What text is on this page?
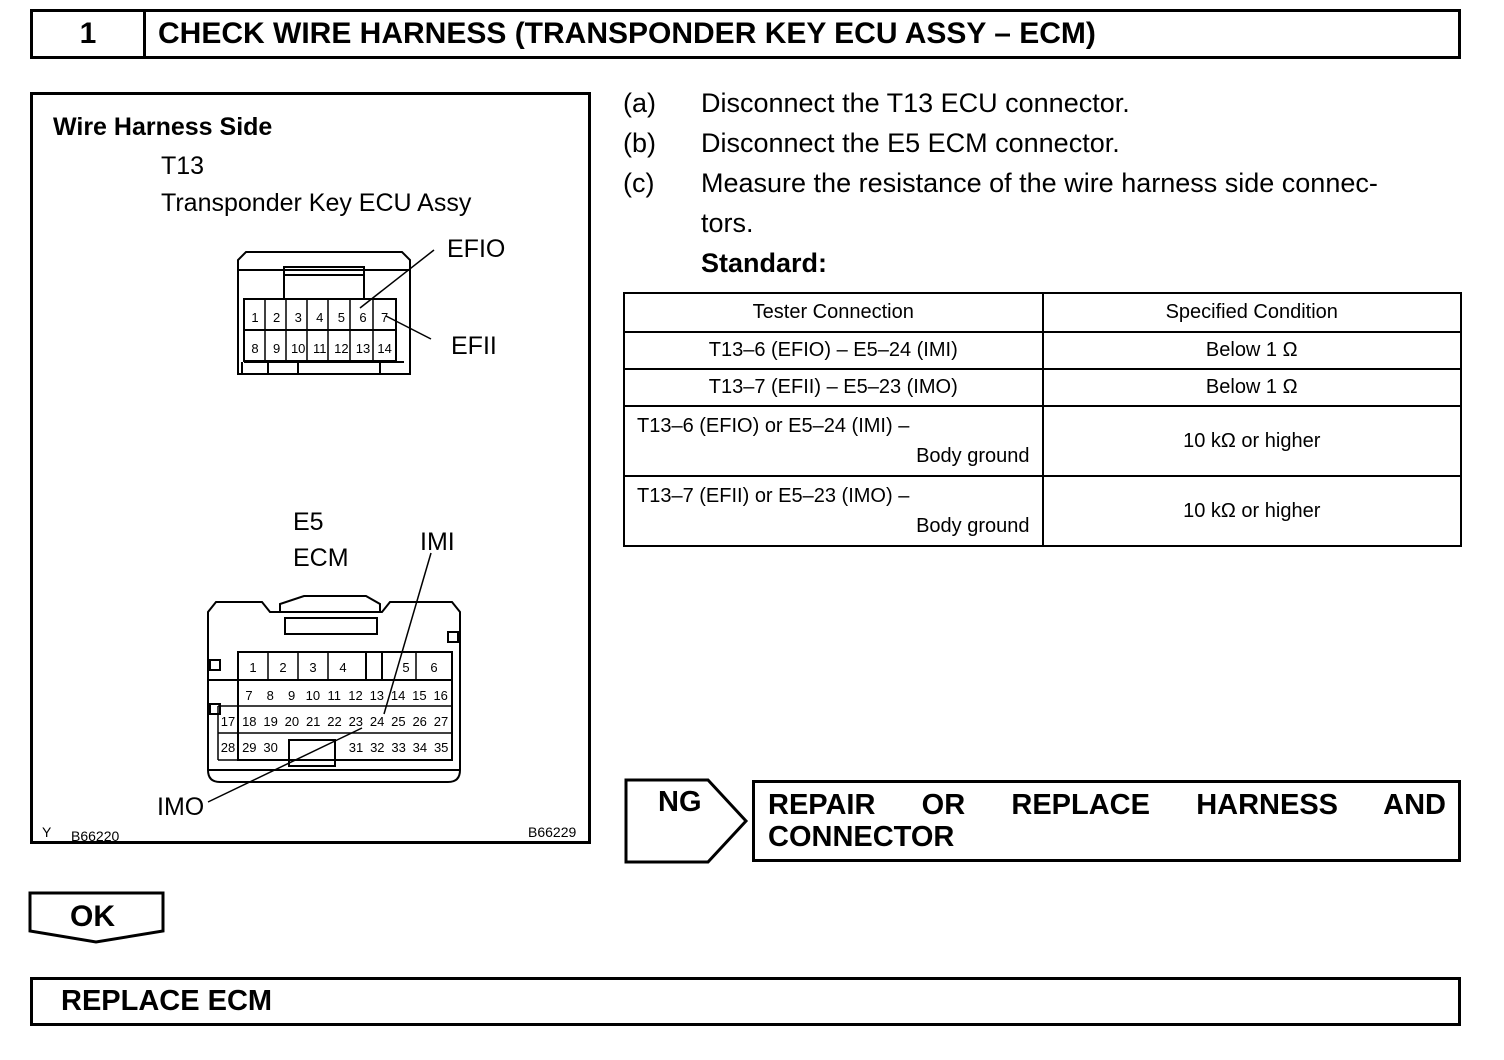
1	CHECK WIRE HARNESS (TRANSPONDER KEY ECU ASSY – ECM)
Wire Harness Side
T13
Transponder Key ECU Assy
EFIO
EFII
E5
ECM
IMI
IMO
Y B66220	B66229
1 2 3 4 5 6 7
8 9 10 11 12 13 14
1 2 3 4	5 6
7 8 9 10 11 12 13 14 15 16
17 18 19 20 21 22 23 24 25 26 27
28 29 30	31 32 33 34 35
(a) Disconnect the T13 ECU connector.
(b) Disconnect the E5 ECM connector.
(c) Measure the resistance of the wire harness side connec-
tors.
Standard:
Tester Connection	Specified Condition
T13–6 (EFIO) – E5–24 (IMI)	Below 1 Ω
T13–7 (EFII) – E5–23 (IMO)	Below 1 Ω

T13–6 (EFIO) or E5–24 (IMI) –
Body ground	10 kΩ or higher

T13–7 (EFII) or E5–23 (IMO) –
Body ground	10 kΩ or higher
NG	REPAIR OR REPLACE HARNESS AND CONNECTOR
OK
REPLACE ECM
